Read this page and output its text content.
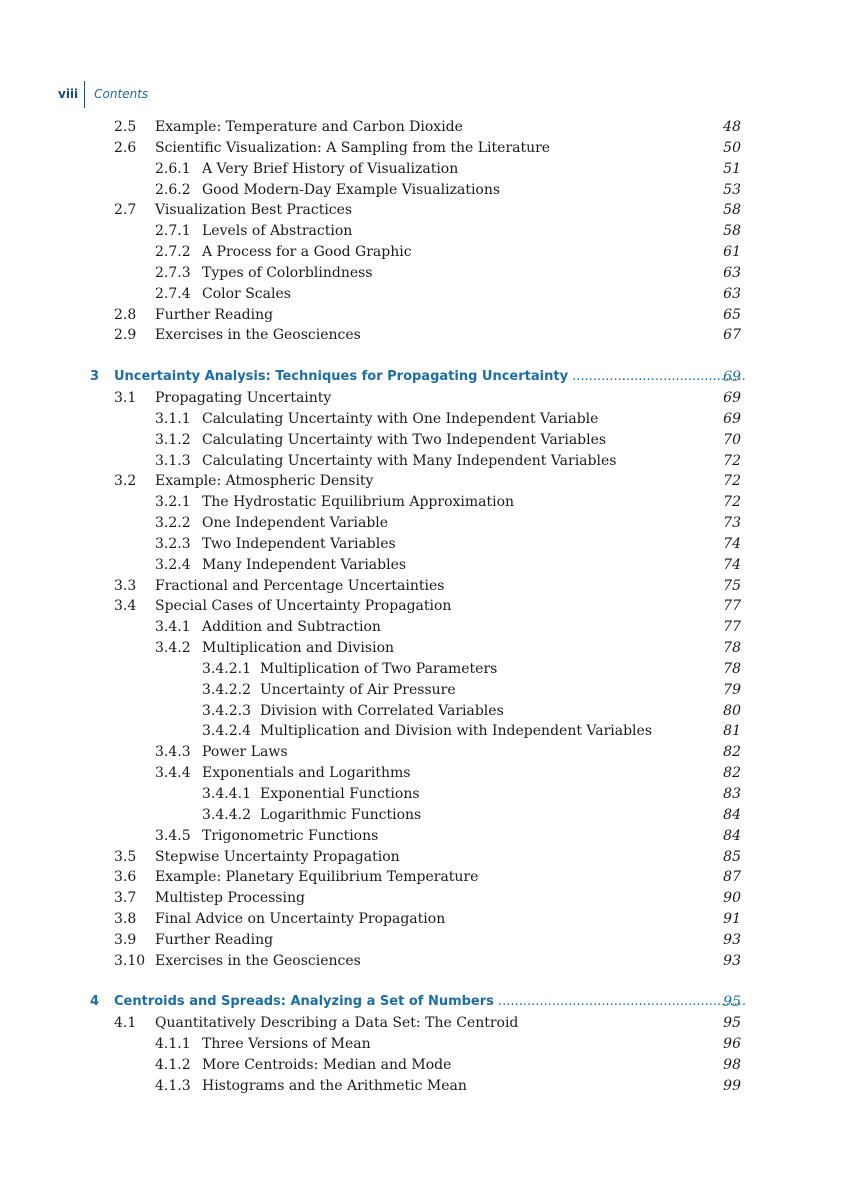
viii	Contents
2.5 Example: Temperature and Carbon Dioxide	48
2.6 Scientific Visualization: A Sampling from the Literature	50
2.6.1 A Very Brief History of Visualization	51
2.6.2 Good Modern-Day Example Visualizations	53
2.7 Visualization Best Practices	58
2.7.1 Levels of Abstraction	58
2.7.2 A Process for a Good Graphic	61
2.7.3 Types of Colorblindness	63
2.7.4 Color Scales	63
2.8 Further Reading	65
2.9 Exercises in the Geosciences	67
3 Uncertainty Analysis: Techniques for Propagating Uncertainty .....	69
3.1 Propagating Uncertainty	69
3.1.1 Calculating Uncertainty with One Independent Variable	69
3.1.2 Calculating Uncertainty with Two Independent Variables	70
3.1.3 Calculating Uncertainty with Many Independent Variables	72
3.2 Example: Atmospheric Density	72
3.2.1 The Hydrostatic Equilibrium Approximation	72
3.2.2 One Independent Variable	73
3.2.3 Two Independent Variables	74
3.2.4 Many Independent Variables	74
3.3 Fractional and Percentage Uncertainties	75
3.4 Special Cases of Uncertainty Propagation	77
3.4.1 Addition and Subtraction	77
3.4.2 Multiplication and Division	78
3.4.2.1 Multiplication of Two Parameters	78
3.4.2.2 Uncertainty of Air Pressure	79
3.4.2.3 Division with Correlated Variables	80
3.4.2.4 Multiplication and Division with Independent Variables	81
3.4.3 Power Laws	82
3.4.4 Exponentials and Logarithms	82
3.4.4.1 Exponential Functions	83
3.4.4.2 Logarithmic Functions	84
3.4.5 Trigonometric Functions	84
3.5 Stepwise Uncertainty Propagation	85
3.6 Example: Planetary Equilibrium Temperature	87
3.7 Multistep Processing	90
3.8 Final Advice on Uncertainty Propagation	91
3.9 Further Reading	93
3.10 Exercises in the Geosciences	93
4 Centroids and Spreads: Analyzing a Set of Numbers .....	95
4.1 Quantitatively Describing a Data Set: The Centroid	95
4.1.1 Three Versions of Mean	96
4.1.2 More Centroids: Median and Mode	98
4.1.3 Histograms and the Arithmetic Mean	99
